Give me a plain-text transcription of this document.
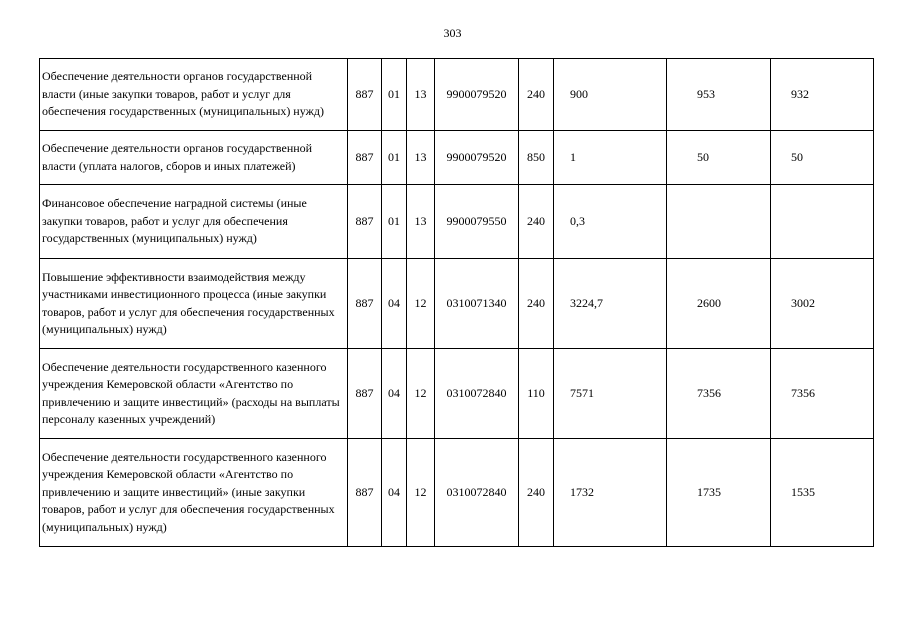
303
Обеспечение деятельности органов государственной власти (иные закупки товаров, работ и услуг для обеспечения государственных (муниципальных) нужд)	887	01	13	9900079520	240	900	953	932
Обеспечение деятельности органов государственной власти (уплата налогов, сборов и иных платежей)	887	01	13	9900079520	850	1	50	50
Финансовое обеспечение наградной системы (иные закупки товаров, работ и услуг для обеспечения государственных (муниципальных) нужд)	887	01	13	9900079550	240	0,3		
Повышение эффективности взаимодействия между участниками инвестиционного процесса (иные закупки товаров, работ и услуг для обеспечения государственных (муниципальных) нужд)	887	04	12	0310071340	240	3224,7	2600	3002
Обеспечение деятельности государственного казенного учреждения Кемеровской области «Агентство по привлечению и защите инвестиций» (расходы на выплаты персоналу казенных учреждений)	887	04	12	0310072840	110	7571	7356	7356
Обеспечение деятельности государственного казенного учреждения Кемеровской области «Агентство по привлечению и защите инвестиций» (иные закупки товаров, работ и услуг для обеспечения государственных (муниципальных) нужд)	887	04	12	0310072840	240	1732	1735	1535
